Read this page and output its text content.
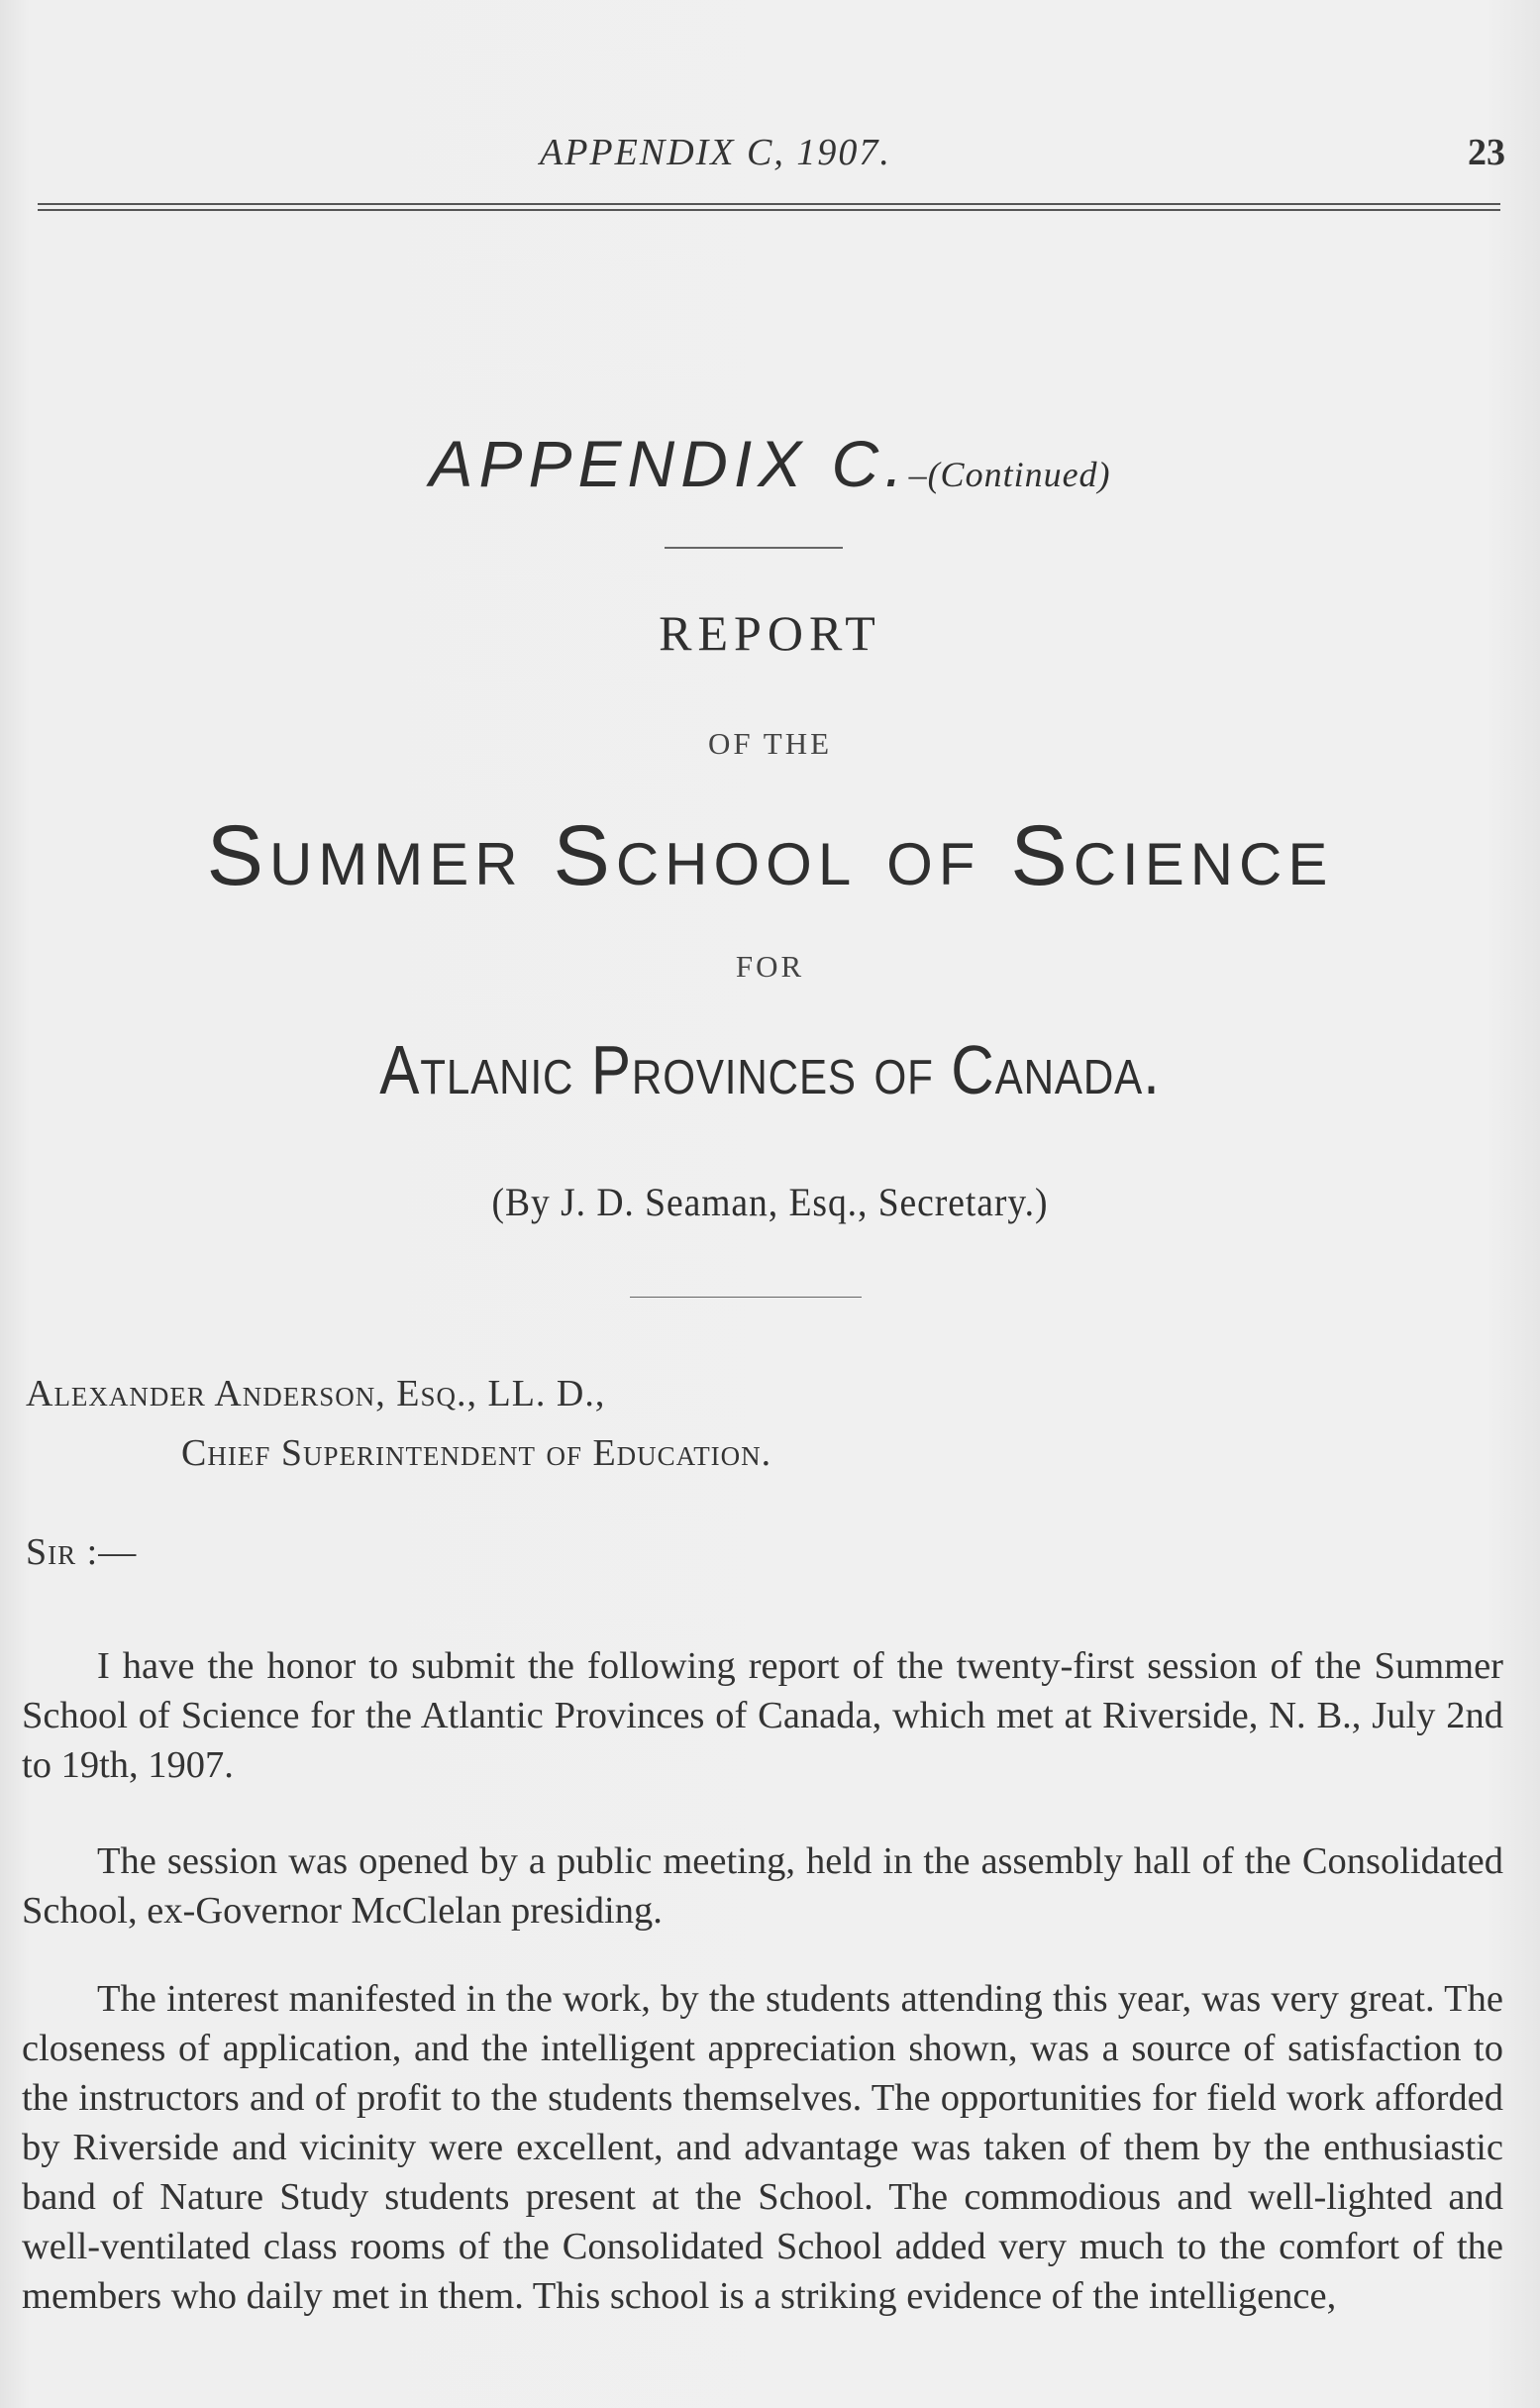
APPENDIX C, 1907.	23
APPENDIX C.–(Continued)
REPORT
OF THE
Summer School of Science
FOR
Atlanic Provinces of Canada.
(By J. D. Seaman, Esq., Secretary.)
Alexander Anderson, Esq., LL. D.,
Chief Superintendent of Education.
Sir :—

I have the honor to submit the following report of the twenty-first session of the Summer School of Science for the Atlantic Provinces of Canada, which met at Riverside, N. B., July 2nd to 19th, 1907.

The session was opened by a public meeting, held in the assembly hall of the Consolidated School, ex-Governor McClelan presiding.

The interest manifested in the work, by the students attending this year, was very great. The closeness of application, and the intelligent appreciation shown, was a source of satisfaction to the instructors and of profit to the students themselves. The opportunities for field work afforded by Riverside and vicinity were excellent, and advantage was taken of them by the enthusiastic band of Nature Study students present at the School. The commodious and well-lighted and well-ventilated class rooms of the Consolidated School added very much to the comfort of the members who daily met in them. This school is a striking evidence of the intelligence,
